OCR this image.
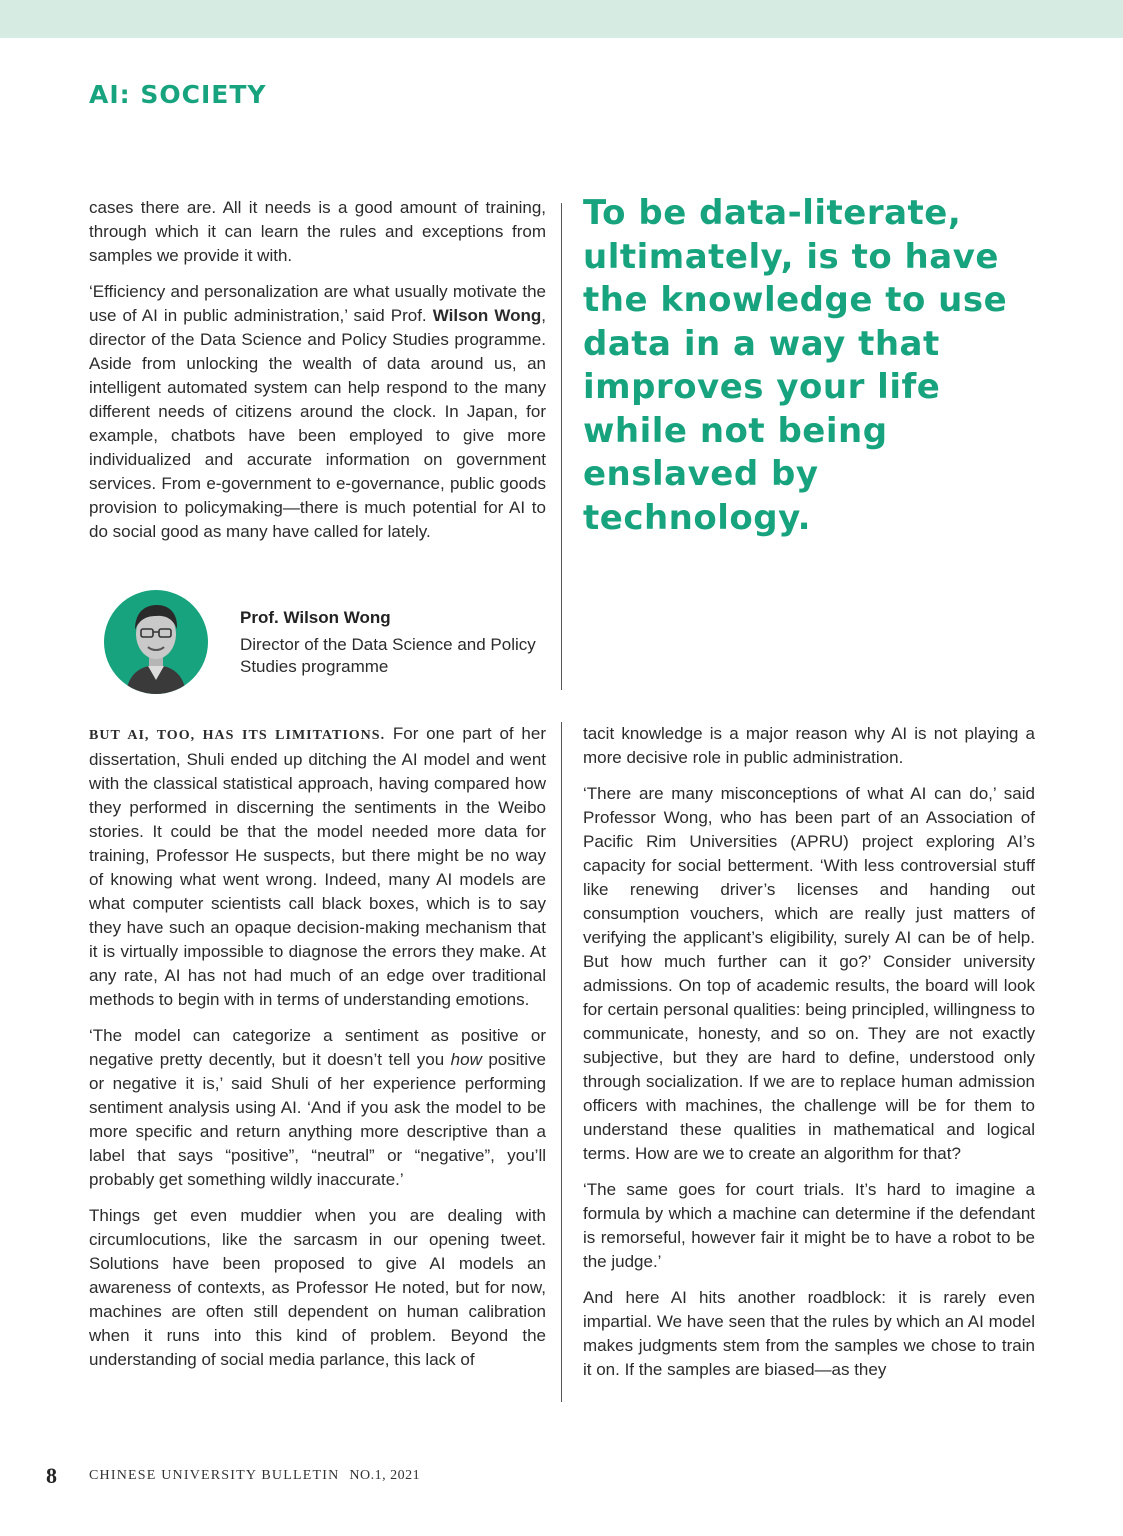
AI: SOCIETY

cases there are. All it needs is a good amount of training, through which it can learn the rules and exceptions from samples we provide it with.

‘Efficiency and personalization are what usually motivate the use of AI in public administration,’ said Prof. Wilson Wong, director of the Data Science and Policy Studies programme. Aside from unlocking the wealth of data around us, an intelligent automated system can help respond to the many different needs of citizens around the clock. In Japan, for example, chatbots have been employed to give more individualized and accurate information on government services. From e-government to e-governance, public goods provision to policymaking—there is much potential for AI to do social good as many have called for lately.

To be data-literate, ultimately, is to have the knowledge to use data in a way that improves your life while not being enslaved by technology.

Prof. Wilson Wong
Director of the Data Science and Policy Studies programme

BUT AI, TOO, HAS ITS LIMITATIONS. For one part of her dissertation, Shuli ended up ditching the AI model and went with the classical statistical approach, having compared how they performed in discerning the sentiments in the Weibo stories. It could be that the model needed more data for training, Professor He suspects, but there might be no way of knowing what went wrong. Indeed, many AI models are what computer scientists call black boxes, which is to say they have such an opaque decision-making mechanism that it is virtually impossible to diagnose the errors they make. At any rate, AI has not had much of an edge over traditional methods to begin with in terms of understanding emotions.

‘The model can categorize a sentiment as positive or negative pretty decently, but it doesn’t tell you how positive or negative it is,’ said Shuli of her experience performing sentiment analysis using AI. ‘And if you ask the model to be more specific and return anything more descriptive than a label that says “positive”, “neutral” or “negative”, you’ll probably get something wildly inaccurate.’

Things get even muddier when you are dealing with circumlocutions, like the sarcasm in our opening tweet. Solutions have been proposed to give AI models an awareness of contexts, as Professor He noted, but for now, machines are often still dependent on human calibration when it runs into this kind of problem. Beyond the understanding of social media parlance, this lack of

tacit knowledge is a major reason why AI is not playing a more decisive role in public administration.

‘There are many misconceptions of what AI can do,’ said Professor Wong, who has been part of an Association of Pacific Rim Universities (APRU) project exploring AI’s capacity for social betterment. ‘With less controversial stuff like renewing driver’s licenses and handing out consumption vouchers, which are really just matters of verifying the applicant’s eligibility, surely AI can be of help. But how much further can it go?’ Consider university admissions. On top of academic results, the board will look for certain personal qualities: being principled, willingness to communicate, honesty, and so on. They are not exactly subjective, but they are hard to define, understood only through socialization. If we are to replace human admission officers with machines, the challenge will be for them to understand these qualities in mathematical and logical terms. How are we to create an algorithm for that?

‘The same goes for court trials. It’s hard to imagine a formula by which a machine can determine if the defendant is remorseful, however fair it might be to have a robot to be the judge.’

And here AI hits another roadblock: it is rarely even impartial. We have seen that the rules by which an AI model makes judgments stem from the samples we chose to train it on. If the samples are biased—as they

8 CHINESE UNIVERSITY BULLETIN NO.1, 2021
